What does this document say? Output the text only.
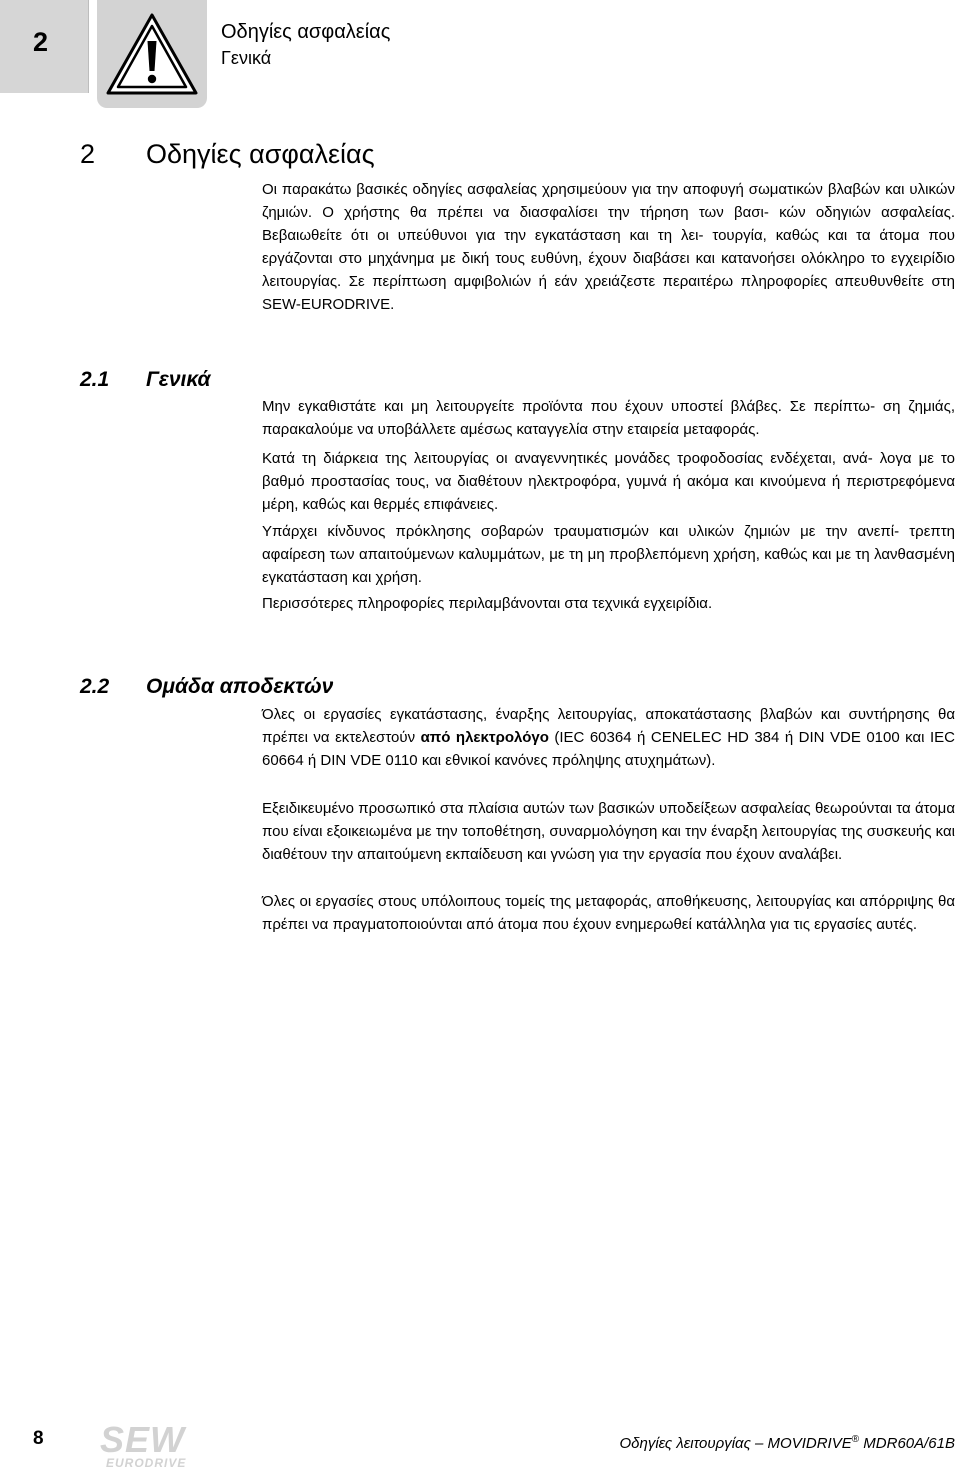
2	Οδηγίες ασφαλείας
Γενικά
2 Οδηγίες ασφαλείας

Οι παρακάτω βασικές οδηγίες ασφαλείας χρησιμεύουν για την αποφυγή σωματικών βλαβών και υλικών ζημιών. Ο χρήστης θα πρέπει να διασφαλίσει την τήρηση των βασι- κών οδηγιών ασφαλείας. Βεβαιωθείτε ότι οι υπεύθυνοι για την εγκατάσταση και τη λει- τουργία, καθώς και τα άτομα που εργάζονται στο μηχάνημα με δική τους ευθύνη, έχουν διαβάσει και κατανοήσει ολόκληρο το εγχειρίδιο λειτουργίας. Σε περίπτωση αμφιβολιών ή εάν χρειάζεστε περαιτέρω πληροφορίες απευθυνθείτε στη SEW-EURODRIVE.

2.1 Γενικά

Μην εγκαθιστάτε και μη λειτουργείτε προϊόντα που έχουν υποστεί βλάβες. Σε περίπτω- ση ζημιάς, παρακαλούμε να υποβάλλετε αμέσως καταγγελία στην εταιρεία μεταφοράς.

Κατά τη διάρκεια της λειτουργίας οι αναγεννητικές μονάδες τροφοδοσίας ενδέχεται, ανά- λογα με το βαθμό προστασίας τους, να διαθέτουν ηλεκτροφόρα, γυμνά ή ακόμα και κινούμενα ή περιστρεφόμενα μέρη, καθώς και θερμές επιφάνειες.

Υπάρχει κίνδυνος πρόκλησης σοβαρών τραυματισμών και υλικών ζημιών με την ανεπί- τρεπτη αφαίρεση των απαιτούμενων καλυμμάτων, με τη μη προβλεπόμενη χρήση, καθώς και με τη λανθασμένη εγκατάσταση και χρήση.

Περισσότερες πληροφορίες περιλαμβάνονται στα τεχνικά εγχειρίδια.

2.2 Ομάδα αποδεκτών

Όλες οι εργασίες εγκατάστασης, έναρξης λειτουργίας, αποκατάστασης βλαβών και συντήρησης θα πρέπει να εκτελεστούν από ηλεκτρολόγο (IEC 60364 ή CENELEC HD 384 ή DIN VDE 0100 και IEC 60664 ή DIN VDE 0110 και εθνικοί κανόνες πρόληψης ατυχημάτων).

Εξειδικευμένο προσωπικό στα πλαίσια αυτών των βασικών υποδείξεων ασφαλείας θεωρούνται τα άτομα που είναι εξοικειωμένα με την τοποθέτηση, συναρμολόγηση και την έναρξη λειτουργίας της συσκευής και διαθέτουν την απαιτούμενη εκπαίδευση και γνώση για την εργασία που έχουν αναλάβει.

Όλες οι εργασίες στους υπόλοιπους τομείς της μεταφοράς, αποθήκευσης, λειτουργίας και απόρριψης θα πρέπει να πραγματοποιούνται από άτομα που έχουν ενημερωθεί κατάλληλα για τις εργασίες αυτές.

8 SEW
EURODRIVE
Οδηγίες λειτουργίας – MOVIDRIVE® MDR60A/61B
